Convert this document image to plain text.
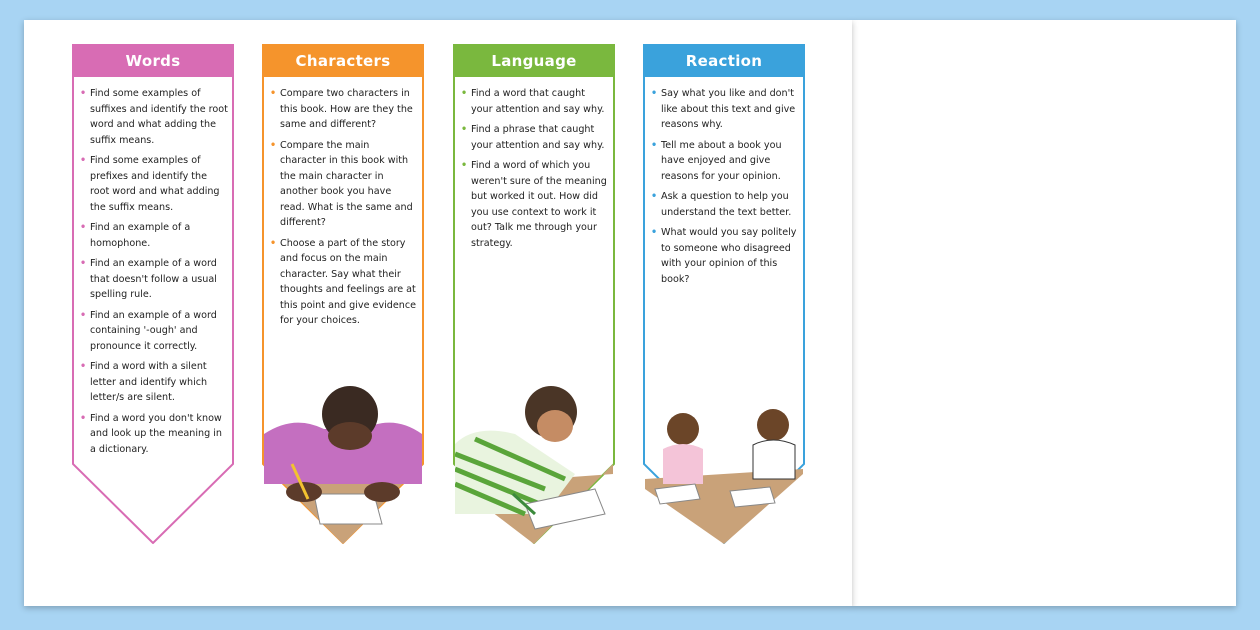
Words
• Find some examples of suffixes and identify the root word and what adding the suffix means.
• Find some examples of prefixes and identify the root word and what adding the suffix means.
• Find an example of a homophone.
• Find an example of a word that doesn't follow a usual spelling rule.
• Find an example of a word containing '-ough' and pronounce it correctly.
• Find a word with a silent letter and identify which letter/s are silent.
• Find a word you don't know and look up the meaning in a dictionary.
Characters
• Compare two characters in this book. How are they the same and different?
• Compare the main character in this book with the main character in another book you have read. What is the same and different?
• Choose a part of the story and focus on the main character. Say what their thoughts and feelings are at this point and give evidence for your choices.
Language
• Find a word that caught your attention and say why.
• Find a phrase that caught your attention and say why.
• Find a word of which you weren't sure of the meaning but worked it out. How did you use context to work it out? Talk me through your strategy.
Reaction
• Say what you like and don't like about this text and give reasons why.
• Tell me about a book you have enjoyed and give reasons for your opinion.
• Ask a question to help you understand the text better.
• What would you say politely to someone who disagreed with your opinion of this book?
